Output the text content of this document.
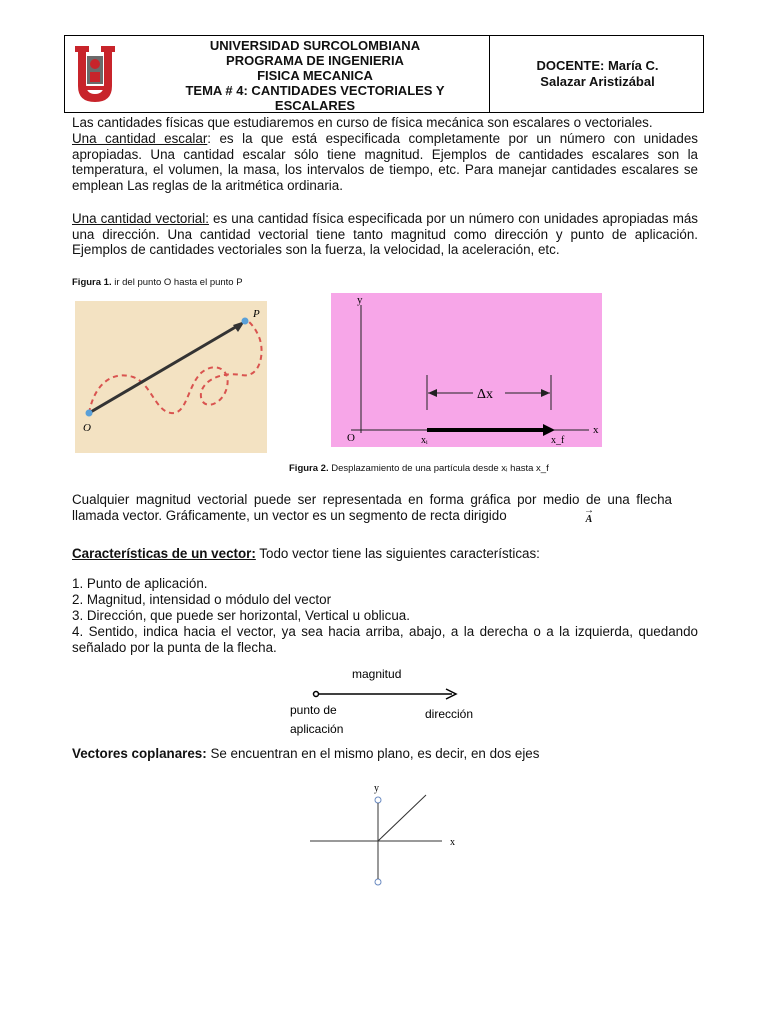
UNIVERSIDAD SURCOLOMBIANA
PROGRAMA DE INGENIERIA
FISICA MECANICA
TEMA # 4: CANTIDADES VECTORIALES Y
ESCALARES
DOCENTE: María C.
Salazar Aristizábal
Las cantidades físicas que estudiaremos en curso de física mecánica son escalares o vectoriales.
Una cantidad escalar: es la que está especificada completamente por un número con unidades apropiadas. Una cantidad escalar sólo tiene magnitud. Ejemplos de cantidades escalares son la temperatura, el volumen, la masa, los intervalos de tiempo, etc. Para manejar cantidades escalares se emplean Las reglas de la aritmética ordinaria.
Una cantidad vectorial: es una cantidad física especificada por un número con unidades apropiadas más una dirección. Una cantidad vectorial tiene tanto magnitud como dirección y punto de aplicación. Ejemplos de cantidades vectoriales son la fuerza, la velocidad, la aceleración, etc.
Figura 1. ir del punto O hasta el punto P
P
O
y
x
O
Δx
xᵢ	x_f
Figura 2. Desplazamiento de una partícula desde xᵢ hasta x_f
Cualquier magnitud vectorial puede ser representada en forma gráfica por medio de una flecha llamada vector. Gráficamente, un vector es un segmento de recta dirigido	→
A
Características de un vector: Todo vector tiene las siguientes características:
1. Punto de aplicación.
2. Magnitud, intensidad o módulo del vector
3. Dirección, que puede ser horizontal, Vertical u oblicua.
4. Sentido, indica hacia el vector, ya sea hacia arriba, abajo, a la derecha o a la izquierda, quedando señalado por la punta de la flecha.
magnitud
punto de
aplicación
dirección
Vectores coplanares: Se encuentran en el mismo plano, es decir, en dos ejes
y
x
